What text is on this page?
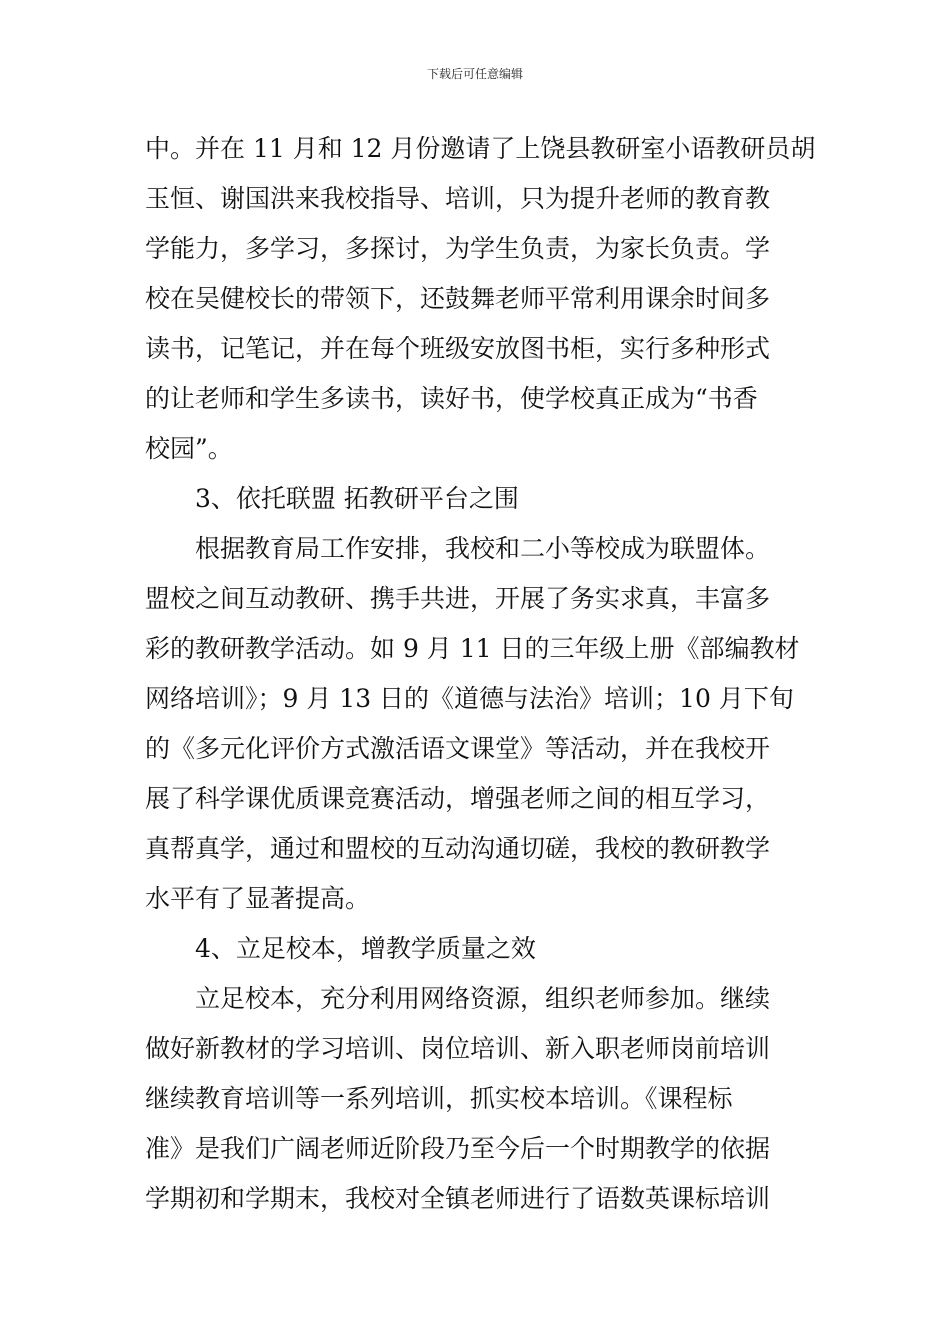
下载后可任意编辑
中。并在 11 月和 12 月份邀请了上饶县教研室小语教研员胡
玉恒、谢国洪来我校指导、培训，只为提升老师的教育教
学能力，多学习，多探讨，为学生负责，为家长负责。学
校在吴健校长的带领下，还鼓舞老师平常利用课余时间多
读书，记笔记，并在每个班级安放图书柜，实行多种形式
的让老师和学生多读书，读好书，使学校真正成为“书香
校园”。
3、依托联盟 拓教研平台之围
根据教育局工作安排，我校和二小等校成为联盟体。
盟校之间互动教研、携手共进，开展了务实求真，丰富多
彩的教研教学活动。如 9 月 11 日的三年级上册《部编教材
网络培训》；9 月 13 日的《道德与法治》培训；10 月下旬
的《多元化评价方式激活语文课堂》等活动，并在我校开
展了科学课优质课竞赛活动，增强老师之间的相互学习，
真帮真学，通过和盟校的互动沟通切磋，我校的教研教学
水平有了显著提高。
4、立足校本，增教学质量之效
立足校本，充分利用网络资源，组织老师参加。继续
做好新教材的学习培训、岗位培训、新入职老师岗前培训
继续教育培训等一系列培训，抓实校本培训。《课程标
准》是我们广阔老师近阶段乃至今后一个时期教学的依据
学期初和学期末，我校对全镇老师进行了语数英课标培训
